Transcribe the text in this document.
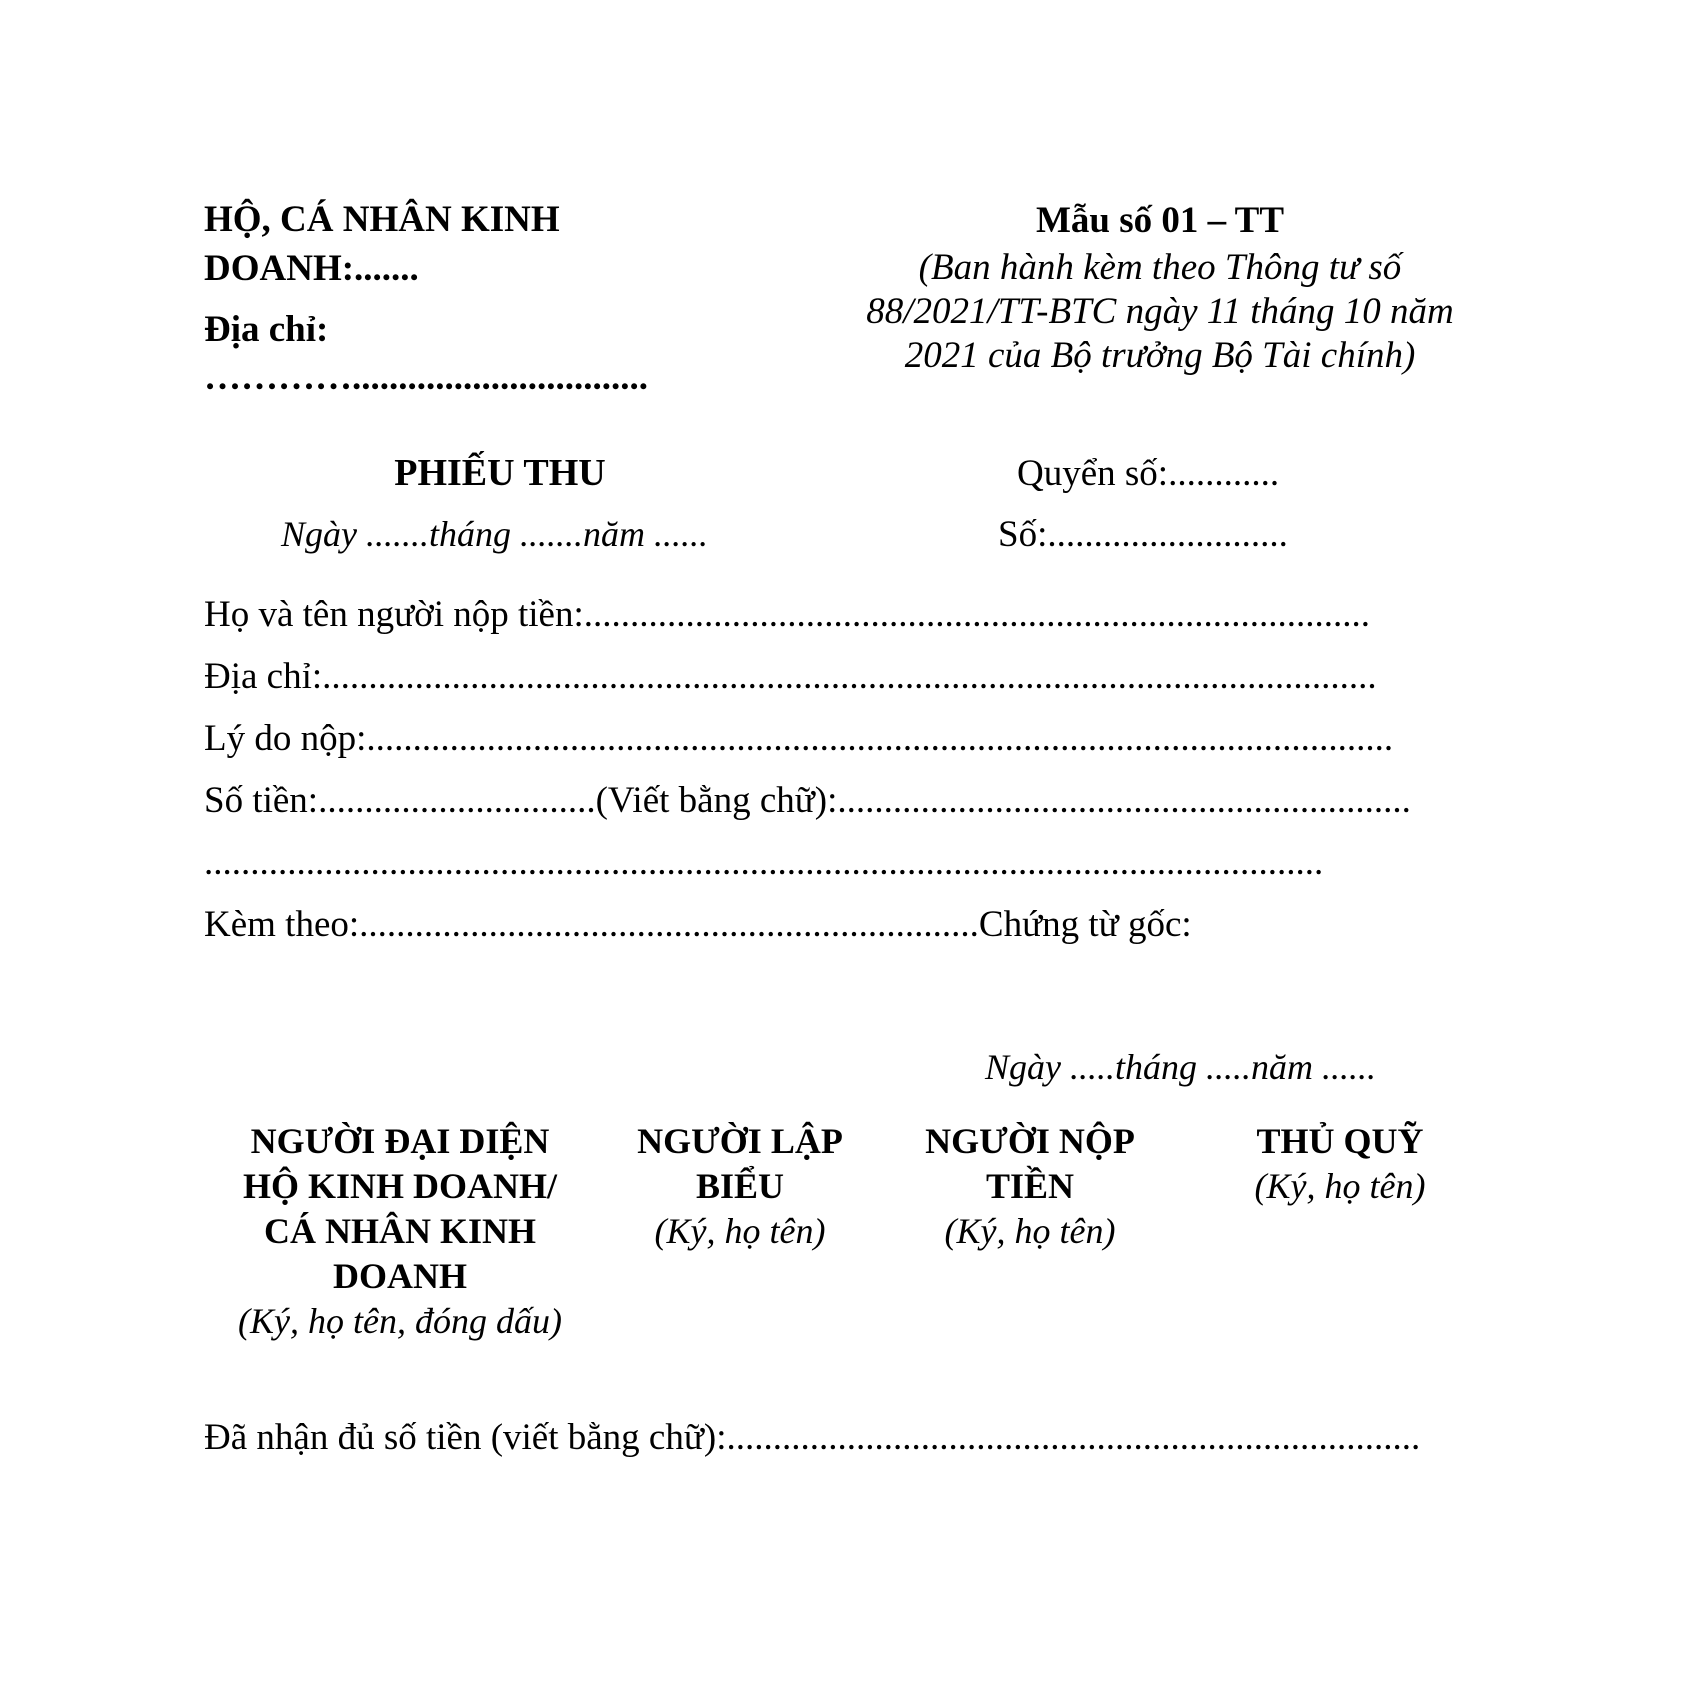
HỘ, CÁ NHÂN KINH
DOANH:.......
Địa chỉ:
…………................................
Mẫu số 01 – TT
(Ban hành kèm theo Thông tư số
88/2021/TT-BTC ngày 11 tháng 10 năm
2021 của Bộ trưởng Bộ Tài chính)
PHIẾU THU
Ngày .......tháng .......năm ......
Quyển số:............
Số:..........................
Họ và tên người nộp tiền:.....................................................................................
Địa chỉ:..................................................................................................................
Lý do nộp:...............................................................................................................
Số tiền:..............................(Viết bằng chữ):..............................................................
.........................................................................................................................
Kèm theo:...................................................................Chứng từ gốc:
Ngày .....tháng .....năm ......
NGƯỜI ĐẠI DIỆN
HỘ KINH DOANH/
CÁ NHÂN KINH
DOANH
(Ký, họ tên, đóng dấu)
NGƯỜI LẬP
BIỂU
(Ký, họ tên)
NGƯỜI NỘP
TIỀN
(Ký, họ tên)
THỦ QUỸ
(Ký, họ tên)
Đã nhận đủ số tiền (viết bằng chữ):...........................................................................
